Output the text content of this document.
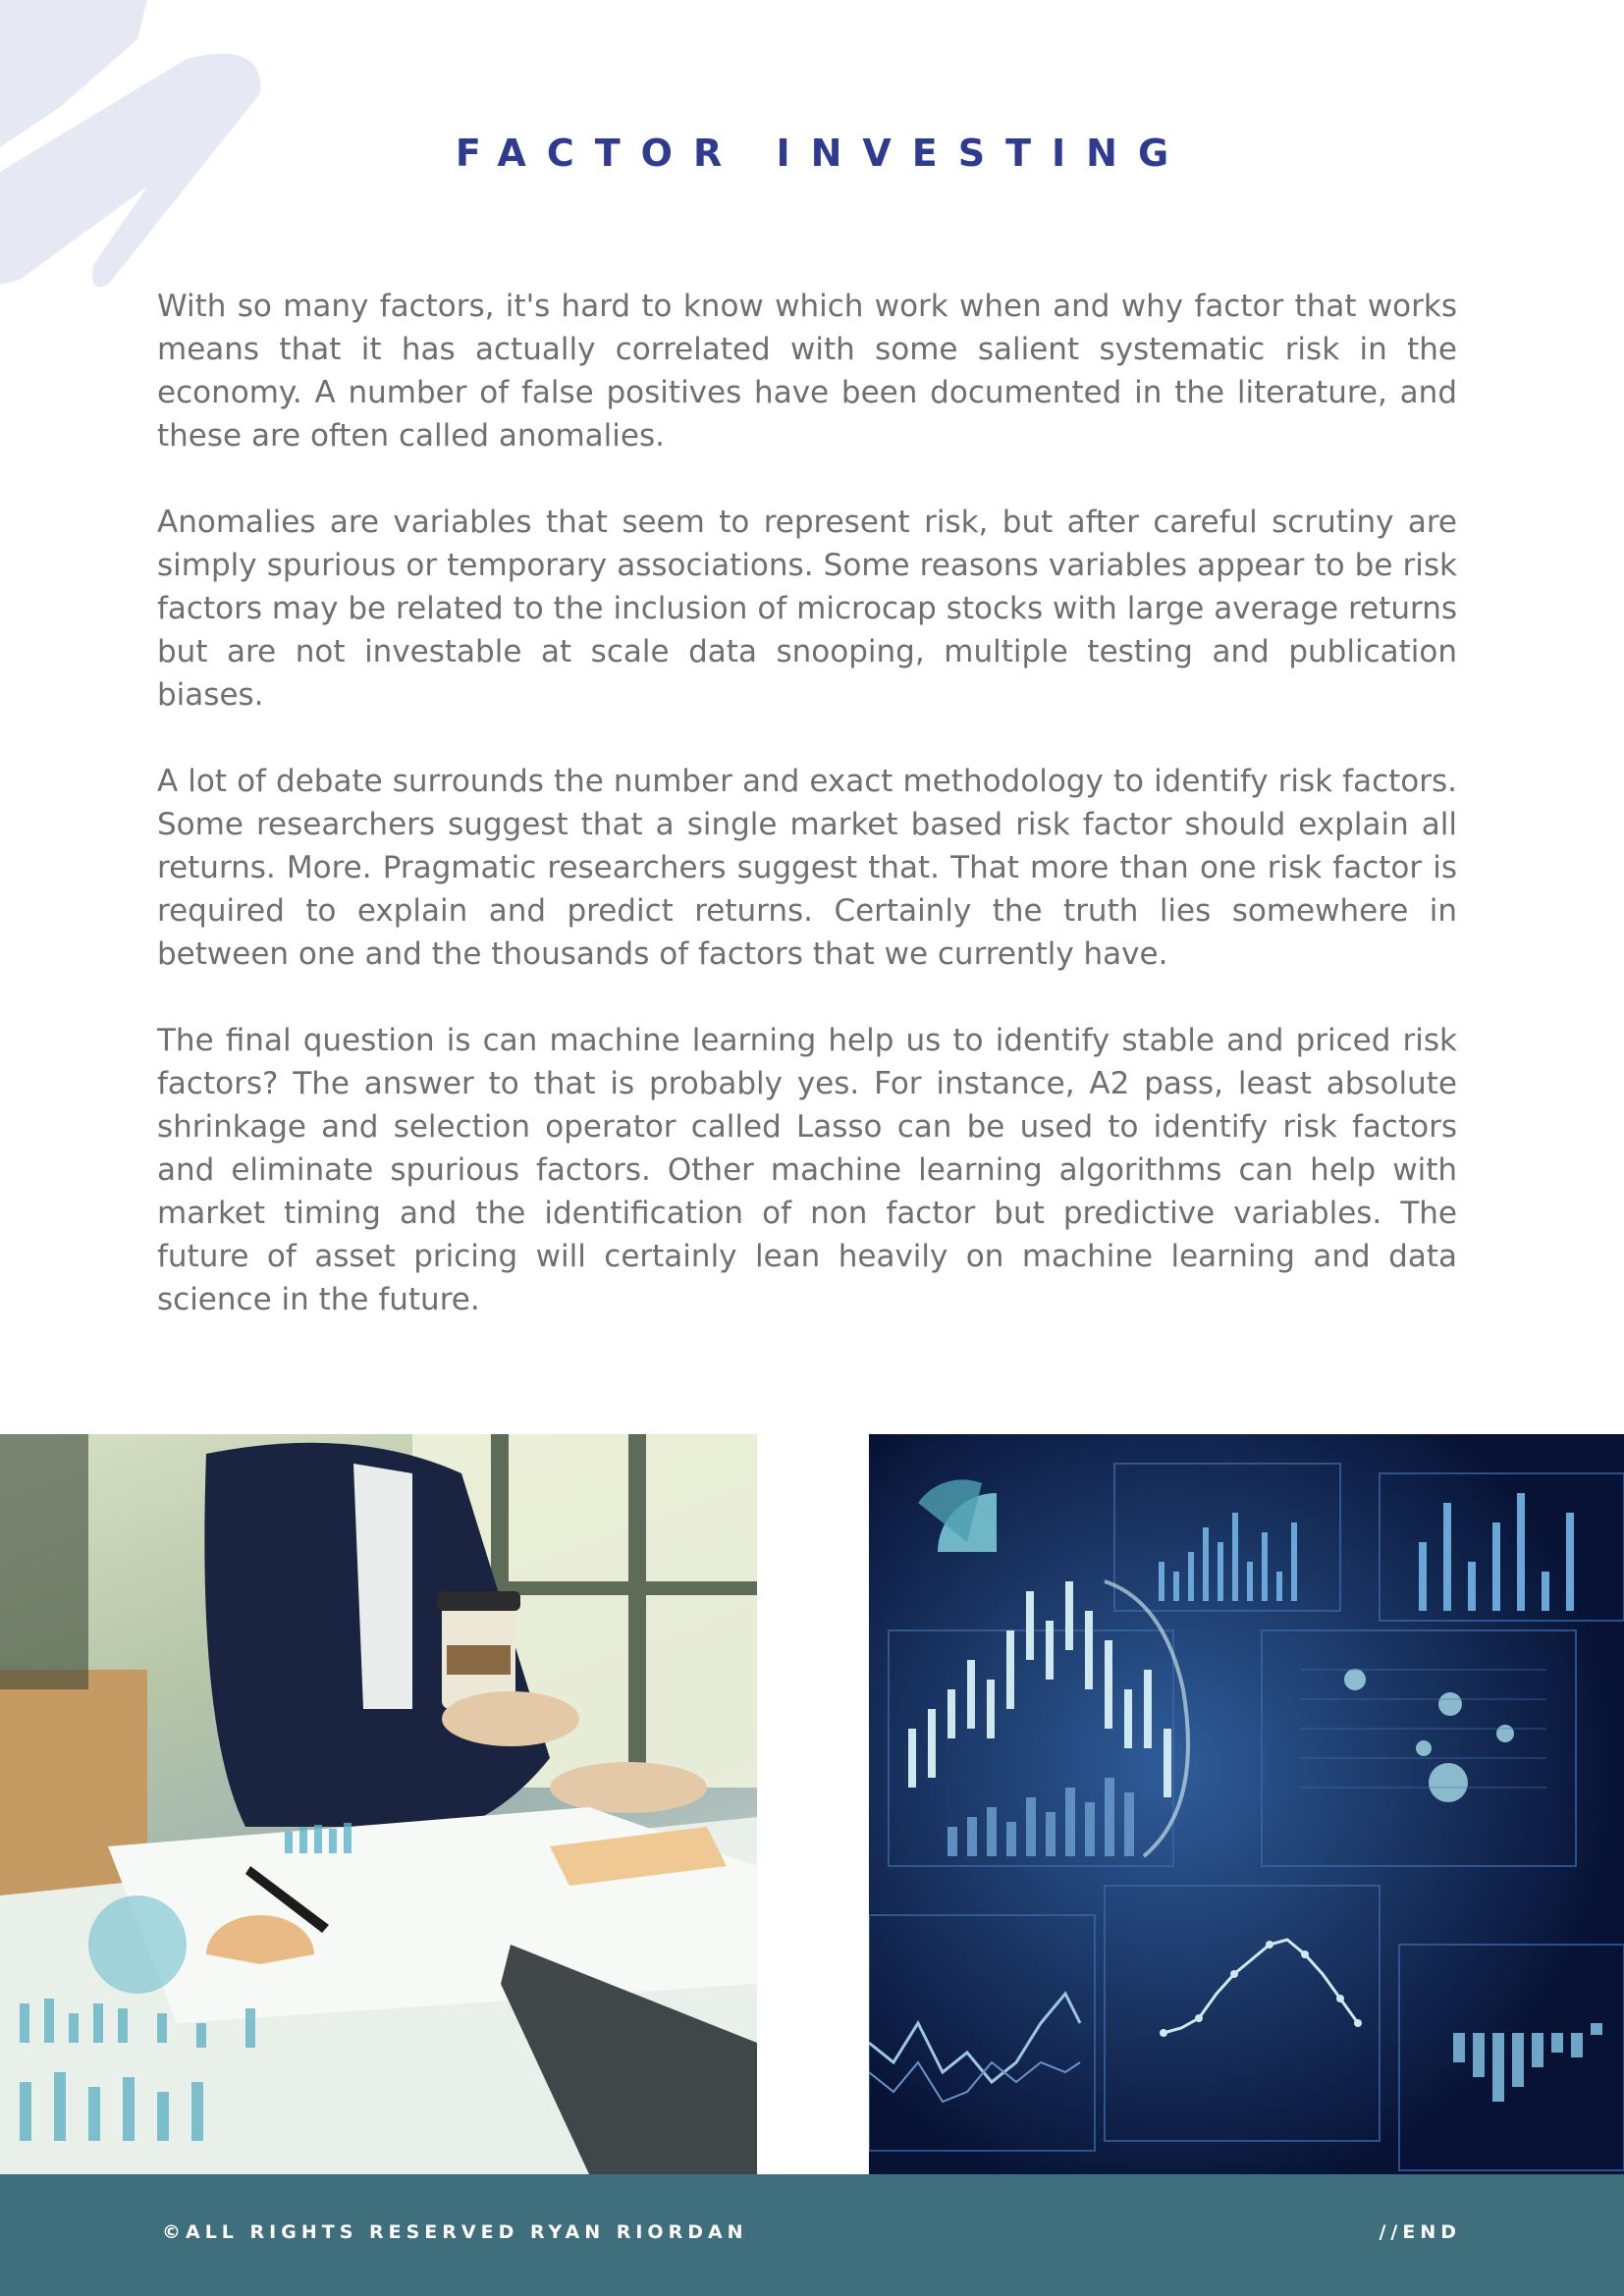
FACTOR INVESTING

With so many factors, it's hard to know which work when and why factor that works means that it has actually correlated with some salient systematic risk in the economy. A number of false positives have been documented in the literature, and these are often called anomalies.

Anomalies are variables that seem to represent risk, but after careful scrutiny are simply spurious or temporary associations. Some reasons variables appear to be risk factors may be related to the inclusion of microcap stocks with large average returns but are not investable at scale data snooping, multiple testing and publication biases.

A lot of debate surrounds the number and exact methodology to identify risk factors. Some researchers suggest that a single market based risk factor should explain all returns. More. Pragmatic researchers suggest that. That more than one risk factor is required to explain and predict returns. Certainly the truth lies somewhere in between one and the thousands of factors that we currently have.

The final question is can machine learning help us to identify stable and priced risk factors? The answer to that is probably yes. For instance, A2 pass, least absolute shrinkage and selection operator called Lasso can be used to identify risk factors and eliminate spurious factors. Other machine learning algorithms can help with market timing and the identification of non factor but predictive variables. The future of asset pricing will certainly lean heavily on machine learning and data science in the future.

©ALL RIGHTS RESERVED RYAN RIORDAN	//END
